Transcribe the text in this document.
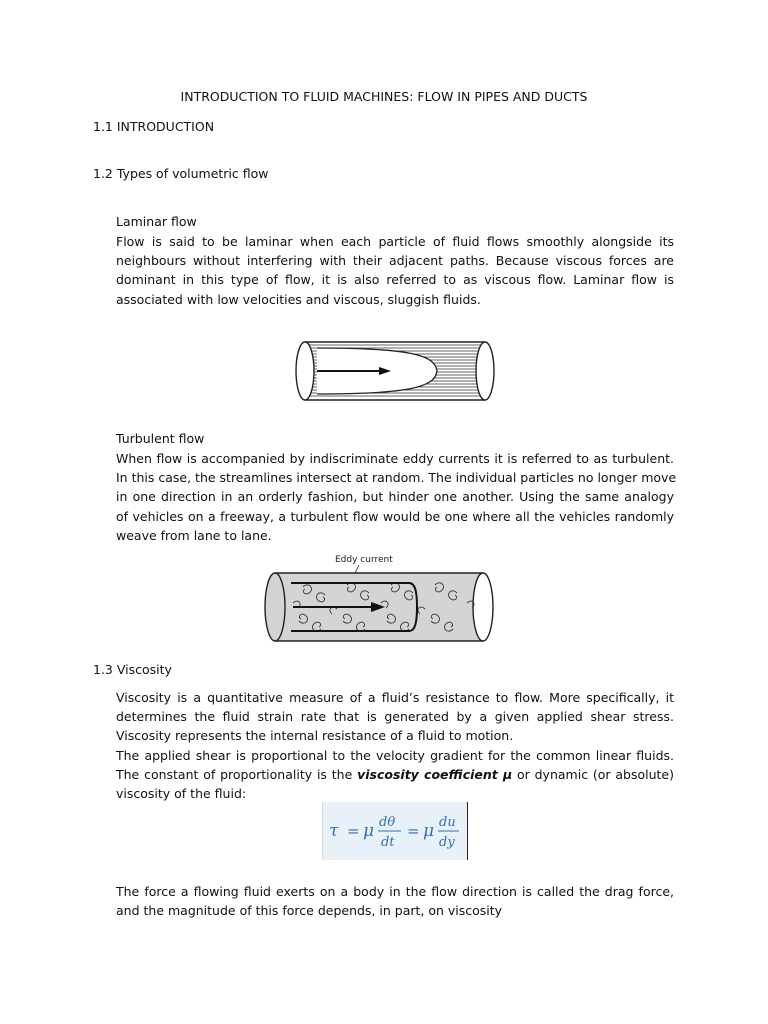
INTRODUCTION TO FLUID MACHINES: FLOW IN PIPES AND DUCTS
1.1 INTRODUCTION
1.2 Types of volumetric flow
Laminar flow
Flow is said to be laminar when each particle of fluid flows smoothly alongside its
neighbours without interfering with their adjacent paths. Because viscous forces are
dominant in this type of flow, it is also referred to as viscous flow. Laminar flow is
associated with low velocities and viscous, sluggish fluids.
Turbulent flow
When flow is accompanied by indiscriminate eddy currents it is referred to as turbulent.
In this case, the streamlines intersect at random. The individual particles no longer move
in one direction in an orderly fashion, but hinder one another. Using the same analogy
of vehicles on a freeway, a turbulent flow would be one where all the vehicles randomly
weave from lane to lane.
Eddy current
1.3 Viscosity
Viscosity is a quantitative measure of a fluid’s resistance to flow. More specifically, it
determines the fluid strain rate that is generated by a given applied shear stress.
Viscosity represents the internal resistance of a fluid to motion.
The applied shear is proportional to the velocity gradient for the common linear fluids.
The constant of proportionality is the viscosity coefficient μ or dynamic (or absolute)
viscosity of the fluid:
τ = μ dθ
dt
= μ du
dy
The force a flowing fluid exerts on a body in the flow direction is called the drag force,
and the magnitude of this force depends, in part, on viscosity
